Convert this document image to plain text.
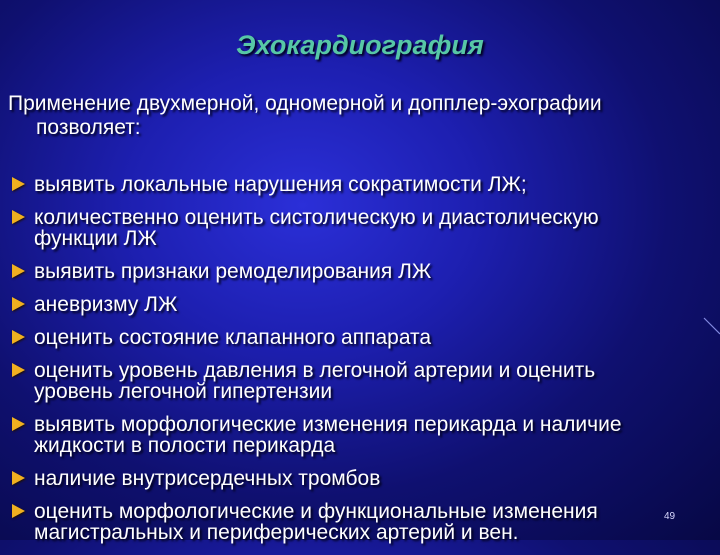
Эхокардиография
Применение двухмерной, одномерной и допплер-эхографии
позволяет:
выявить локальные нарушения сократимости ЛЖ;
количественно оценить систолическую и диастолическую
функции ЛЖ
выявить признаки ремоделирования ЛЖ
аневризму ЛЖ
оценить состояние клапанного аппарата
оценить уровень давления в легочной артерии и оценить
уровень легочной гипертензии
выявить морфологические изменения перикарда и наличие
жидкости в полости перикарда
наличие внутрисердечных тромбов
оценить морфологические и функциональные изменения
магистральных и периферических артерий и вен.
49
